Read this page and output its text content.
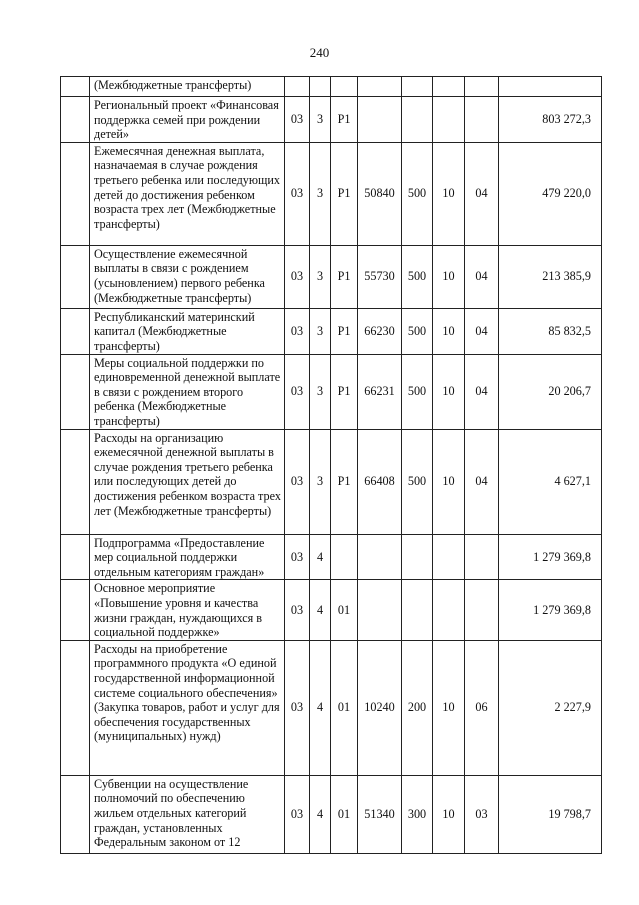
240
	(Межбюджетные трансферты)								
	Региональный проект «Финансовая поддержка семей при рождении детей»	03	3	P1					803 272,3
	Ежемесячная денежная выплата, назначаемая в случае рождения третьего ребенка или последующих детей до достижения ребенком возраста трех лет (Межбюджетные трансферты)	03	3	P1	50840	500	10	04	479 220,0
	Осуществление ежемесячной выплаты в связи с рождением (усыновлением) первого ребенка (Межбюджетные трансферты)	03	3	P1	55730	500	10	04	213 385,9
	Республиканский материнский капитал (Межбюджетные трансферты)	03	3	P1	66230	500	10	04	85 832,5
	Меры социальной поддержки по единовременной денежной выплате в связи с рождением второго ребенка (Межбюджетные трансферты)	03	3	P1	66231	500	10	04	20 206,7
	Расходы на организацию ежемесячной денежной выплаты в случае рождения третьего ребенка или последующих детей до достижения ребенком возраста трех лет (Межбюджетные трансферты)	03	3	P1	66408	500	10	04	4 627,1
	Подпрограмма «Предоставление мер социальной поддержки отдельным категориям граждан»	03	4						1 279 369,8
	Основное мероприятие «Повышение уровня и качества жизни граждан, нуждающихся в социальной поддержке»	03	4	01					1 279 369,8
	Расходы на приобретение программного продукта «О единой государственной информационной системе социального обеспечения» (Закупка товаров, работ и услуг для обеспечения государственных (муниципальных) нужд)	03	4	01	10240	200	10	06	2 227,9
	Субвенции на осуществление полномочий по обеспечению жильем отдельных категорий граждан, установленных Федеральным законом от 12	03	4	01	51340	300	10	03	19 798,7
